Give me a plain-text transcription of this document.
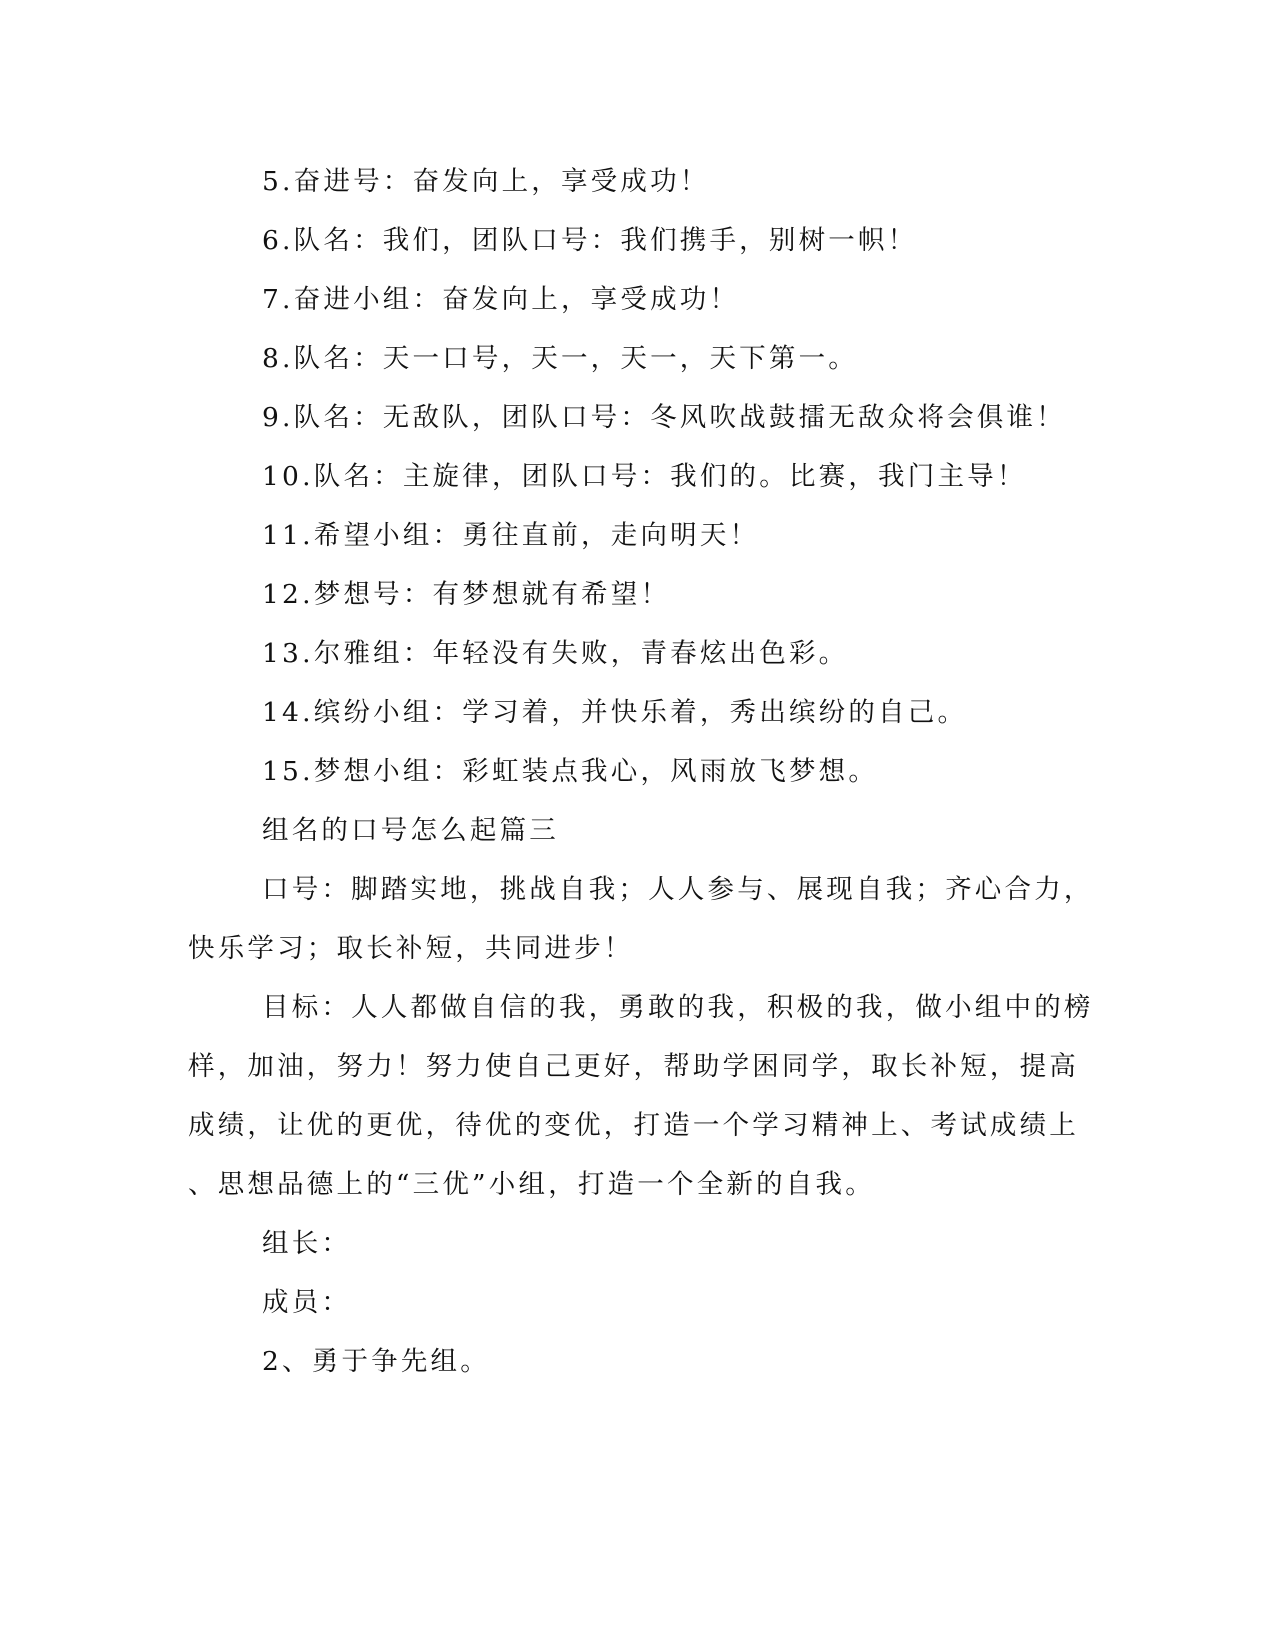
5.奋进号：奋发向上，享受成功！
6.队名：我们，团队口号：我们携手，别树一帜！
7.奋进小组：奋发向上，享受成功！
8.队名：天一口号，天一，天一，天下第一。
9.队名：无敌队，团队口号：冬风吹战鼓擂无敌众将会俱谁！
10.队名：主旋律，团队口号：我们的。比赛，我门主导！
11.希望小组：勇往直前，走向明天！
12.梦想号：有梦想就有希望！
13.尔雅组：年轻没有失败，青春炫出色彩。
14.缤纷小组：学习着，并快乐着，秀出缤纷的自己。
15.梦想小组：彩虹装点我心，风雨放飞梦想。
组名的口号怎么起篇三
口号：脚踏实地，挑战自我；人人参与、展现自我；齐心合力，
快乐学习；取长补短，共同进步！
目标：人人都做自信的我，勇敢的我，积极的我，做小组中的榜
样，加油，努力！努力使自己更好，帮助学困同学，取长补短，提高
成绩，让优的更优，待优的变优，打造一个学习精神上、考试成绩上
、思想品德上的“三优”小组，打造一个全新的自我。
组长：
成员：
2、勇于争先组。
